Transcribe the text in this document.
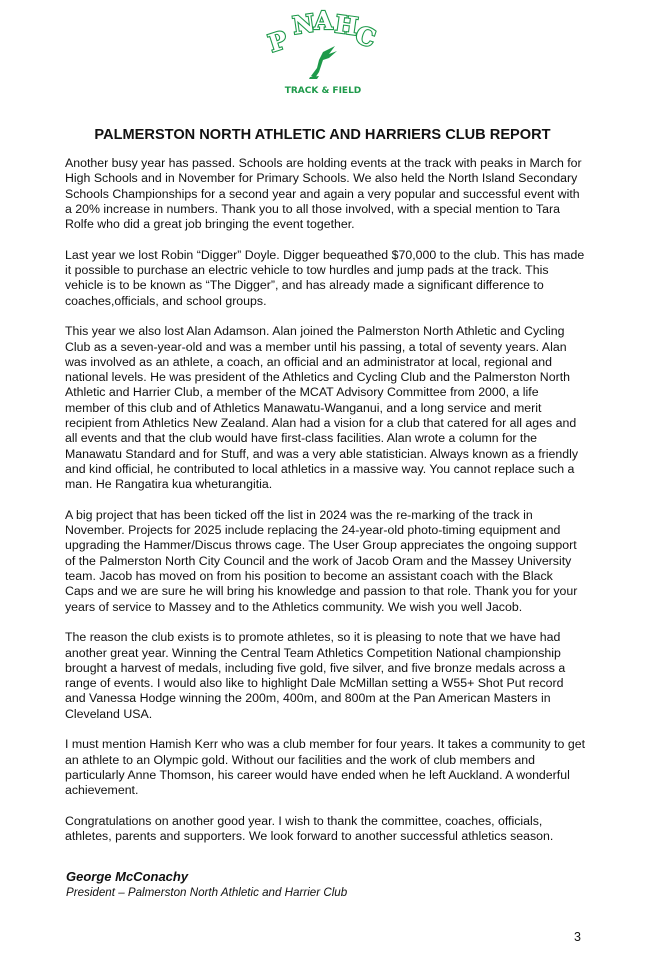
P
N
A H
C
TRACK & FIELD
PALMERSTON NORTH ATHLETIC AND HARRIERS CLUB REPORT

Another busy year has passed. Schools are holding events at the track with peaks in March for High Schools and in November for Primary Schools. We also held the North Island Secondary Schools Championships for a second year and again a very popular and successful event with a 20% increase in numbers. Thank you to all those involved, with a special mention to Tara Rolfe who did a great job bringing the event together.

Last year we lost Robin “Digger” Doyle. Digger bequeathed $70,000 to the club. This has made it possible to purchase an electric vehicle to tow hurdles and jump pads at the track. This vehicle is to be known as “The Digger”, and has already made a significant difference to coaches,officials, and school groups.

This year we also lost Alan Adamson. Alan joined the Palmerston North Athletic and Cycling Club as a seven-year-old and was a member until his passing, a total of seventy years. Alan was involved as an athlete, a coach, an official and an administrator at local, regional and national levels. He was president of the Athletics and Cycling Club and the Palmerston North Athletic and Harrier Club, a member of the MCAT Advisory Committee from 2000, a life member of this club and of Athletics Manawatu-Wanganui, and a long service and merit recipient from Athletics New Zealand. Alan had a vision for a club that catered for all ages and all events and that the club would have first-class facilities. Alan wrote a column for the Manawatu Standard and for Stuff, and was a very able statistician. Always known as a friendly and kind official, he contributed to local athletics in a massive way. You cannot replace such a man. He Rangatira kua wheturangitia.

A big project that has been ticked off the list in 2024 was the re-marking of the track in November. Projects for 2025 include replacing the 24-year-old photo-timing equipment and upgrading the Hammer/Discus throws cage. The User Group appreciates the ongoing support of the Palmerston North City Council and the work of Jacob Oram and the Massey University team. Jacob has moved on from his position to become an assistant coach with the Black Caps and we are sure he will bring his knowledge and passion to that role. Thank you for your years of service to Massey and to the Athletics community. We wish you well Jacob.

The reason the club exists is to promote athletes, so it is pleasing to note that we have had another great year. Winning the Central Team Athletics Competition National championship brought a harvest of medals, including five gold, five silver, and five bronze medals across a range of events. I would also like to highlight Dale McMillan setting a W55+ Shot Put record and Vanessa Hodge winning the 200m, 400m, and 800m at the Pan American Masters in Cleveland USA.

I must mention Hamish Kerr who was a club member for four years. It takes a community to get an athlete to an Olympic gold. Without our facilities and the work of club members and particularly Anne Thomson, his career would have ended when he left Auckland. A wonderful achievement.

Congratulations on another good year. I wish to thank the committee, coaches, officials, athletes, parents and supporters. We look forward to another successful athletics season.

George McConachy
President – Palmerston North Athletic and Harrier Club
3
